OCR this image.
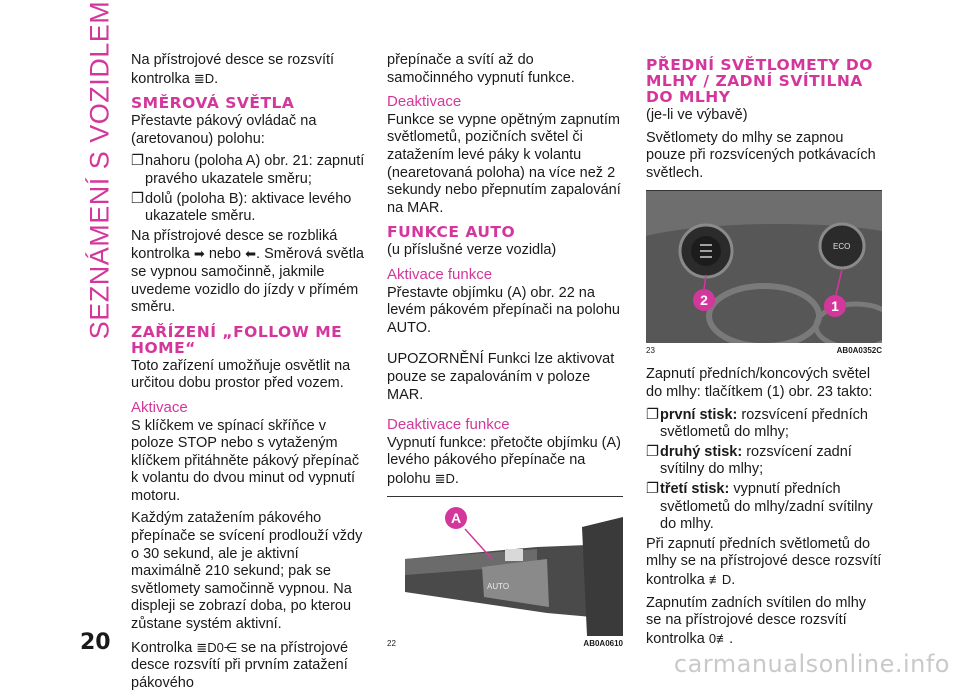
SEZNÁMENÍ S VOZIDLEM Na přístrojové desce se rozsvítí kontrolka ≣D.

SMĚROVÁ SVĚTLA

Přestavte pákový ovládač na (aretovanou) polohu:

❐ nahoru (poloha A) obr. 21: zapnutí pravého ukazatele směru;
❐ dolů (poloha B): aktivace levého ukazatele směru.

Na přístrojové desce se rozbliká kontrolka ➡ nebo ⬅. Směrová světla se vypnou samočinně, jakmile uvedeme vozidlo do jízdy v přímém směru.

ZAŘÍZENÍ „FOLLOW ME HOME“

Toto zařízení umožňuje osvětlit na určitou dobu prostor před vozem.

Aktivace

S klíčkem ve spínací skříňce v poloze STOP nebo s vytaženým klíčkem přitáhněte pákový přepínač k volantu do dvou minut od vypnutí motoru.

Každým zatažením pákového přepínače se svícení prodlouží vždy o 30 sekund, ale je aktivní maximálně 210 sekund; pak se světlomety samočinně vypnou. Na displeji se zobrazí doba, po kterou zůstane systém aktivní.

Kontrolka ≣D0⋲ se na přístrojové desce rozsvítí při prvním zatažení pákového

přepínače a svítí až do samočinného vypnutí funkce.

Deaktivace

Funkce se vypne opětným zapnutím světlometů, pozičních světel či zatažením levé páky k volantu (nearetovaná poloha) na více než 2 sekundy nebo přepnutím zapalování na MAR.

FUNKCE AUTO

(u příslušné verze vozidla)

Aktivace funkce

Přestavte objímku (A) obr. 22 na levém pákovém přepínači na polohu AUTO.

UPOZORNĚNÍ Funkci lze aktivovat pouze se zapalováním v poloze MAR.

Deaktivace funkce

Vypnutí funkce: přetočte objímku (A) levého pákového přepínače na polohu ≣D.

AUTO
A
22	AB0A0610
PŘEDNÍ SVĚTLOMETY DO MLHY / ZADNÍ SVÍTILNA DO MLHY

(je-li ve výbavě)

Světlomety do mlhy se zapnou pouze při rozsvícených potkávacích světlech.

ECO
2	1
23	AB0A0352C

Zapnutí předních/koncových světel do mlhy: tlačítkem (1) obr. 23 takto:

❐ první stisk: rozsvícení předních světlometů do mlhy;
❐ druhý stisk: rozsvícení zadní svítilny do mlhy;
❐ třetí stisk: vypnutí předních světlometů do mlhy/zadní svítilny do mlhy.

Při zapnutí předních světlometů do mlhy se na přístrojové desce rozsvítí kontrolka ≢D.

Zapnutím zadních svítilen do mlhy se na přístrojové desce rozsvítí kontrolka 0≢.

20
carmanualsonline.info
